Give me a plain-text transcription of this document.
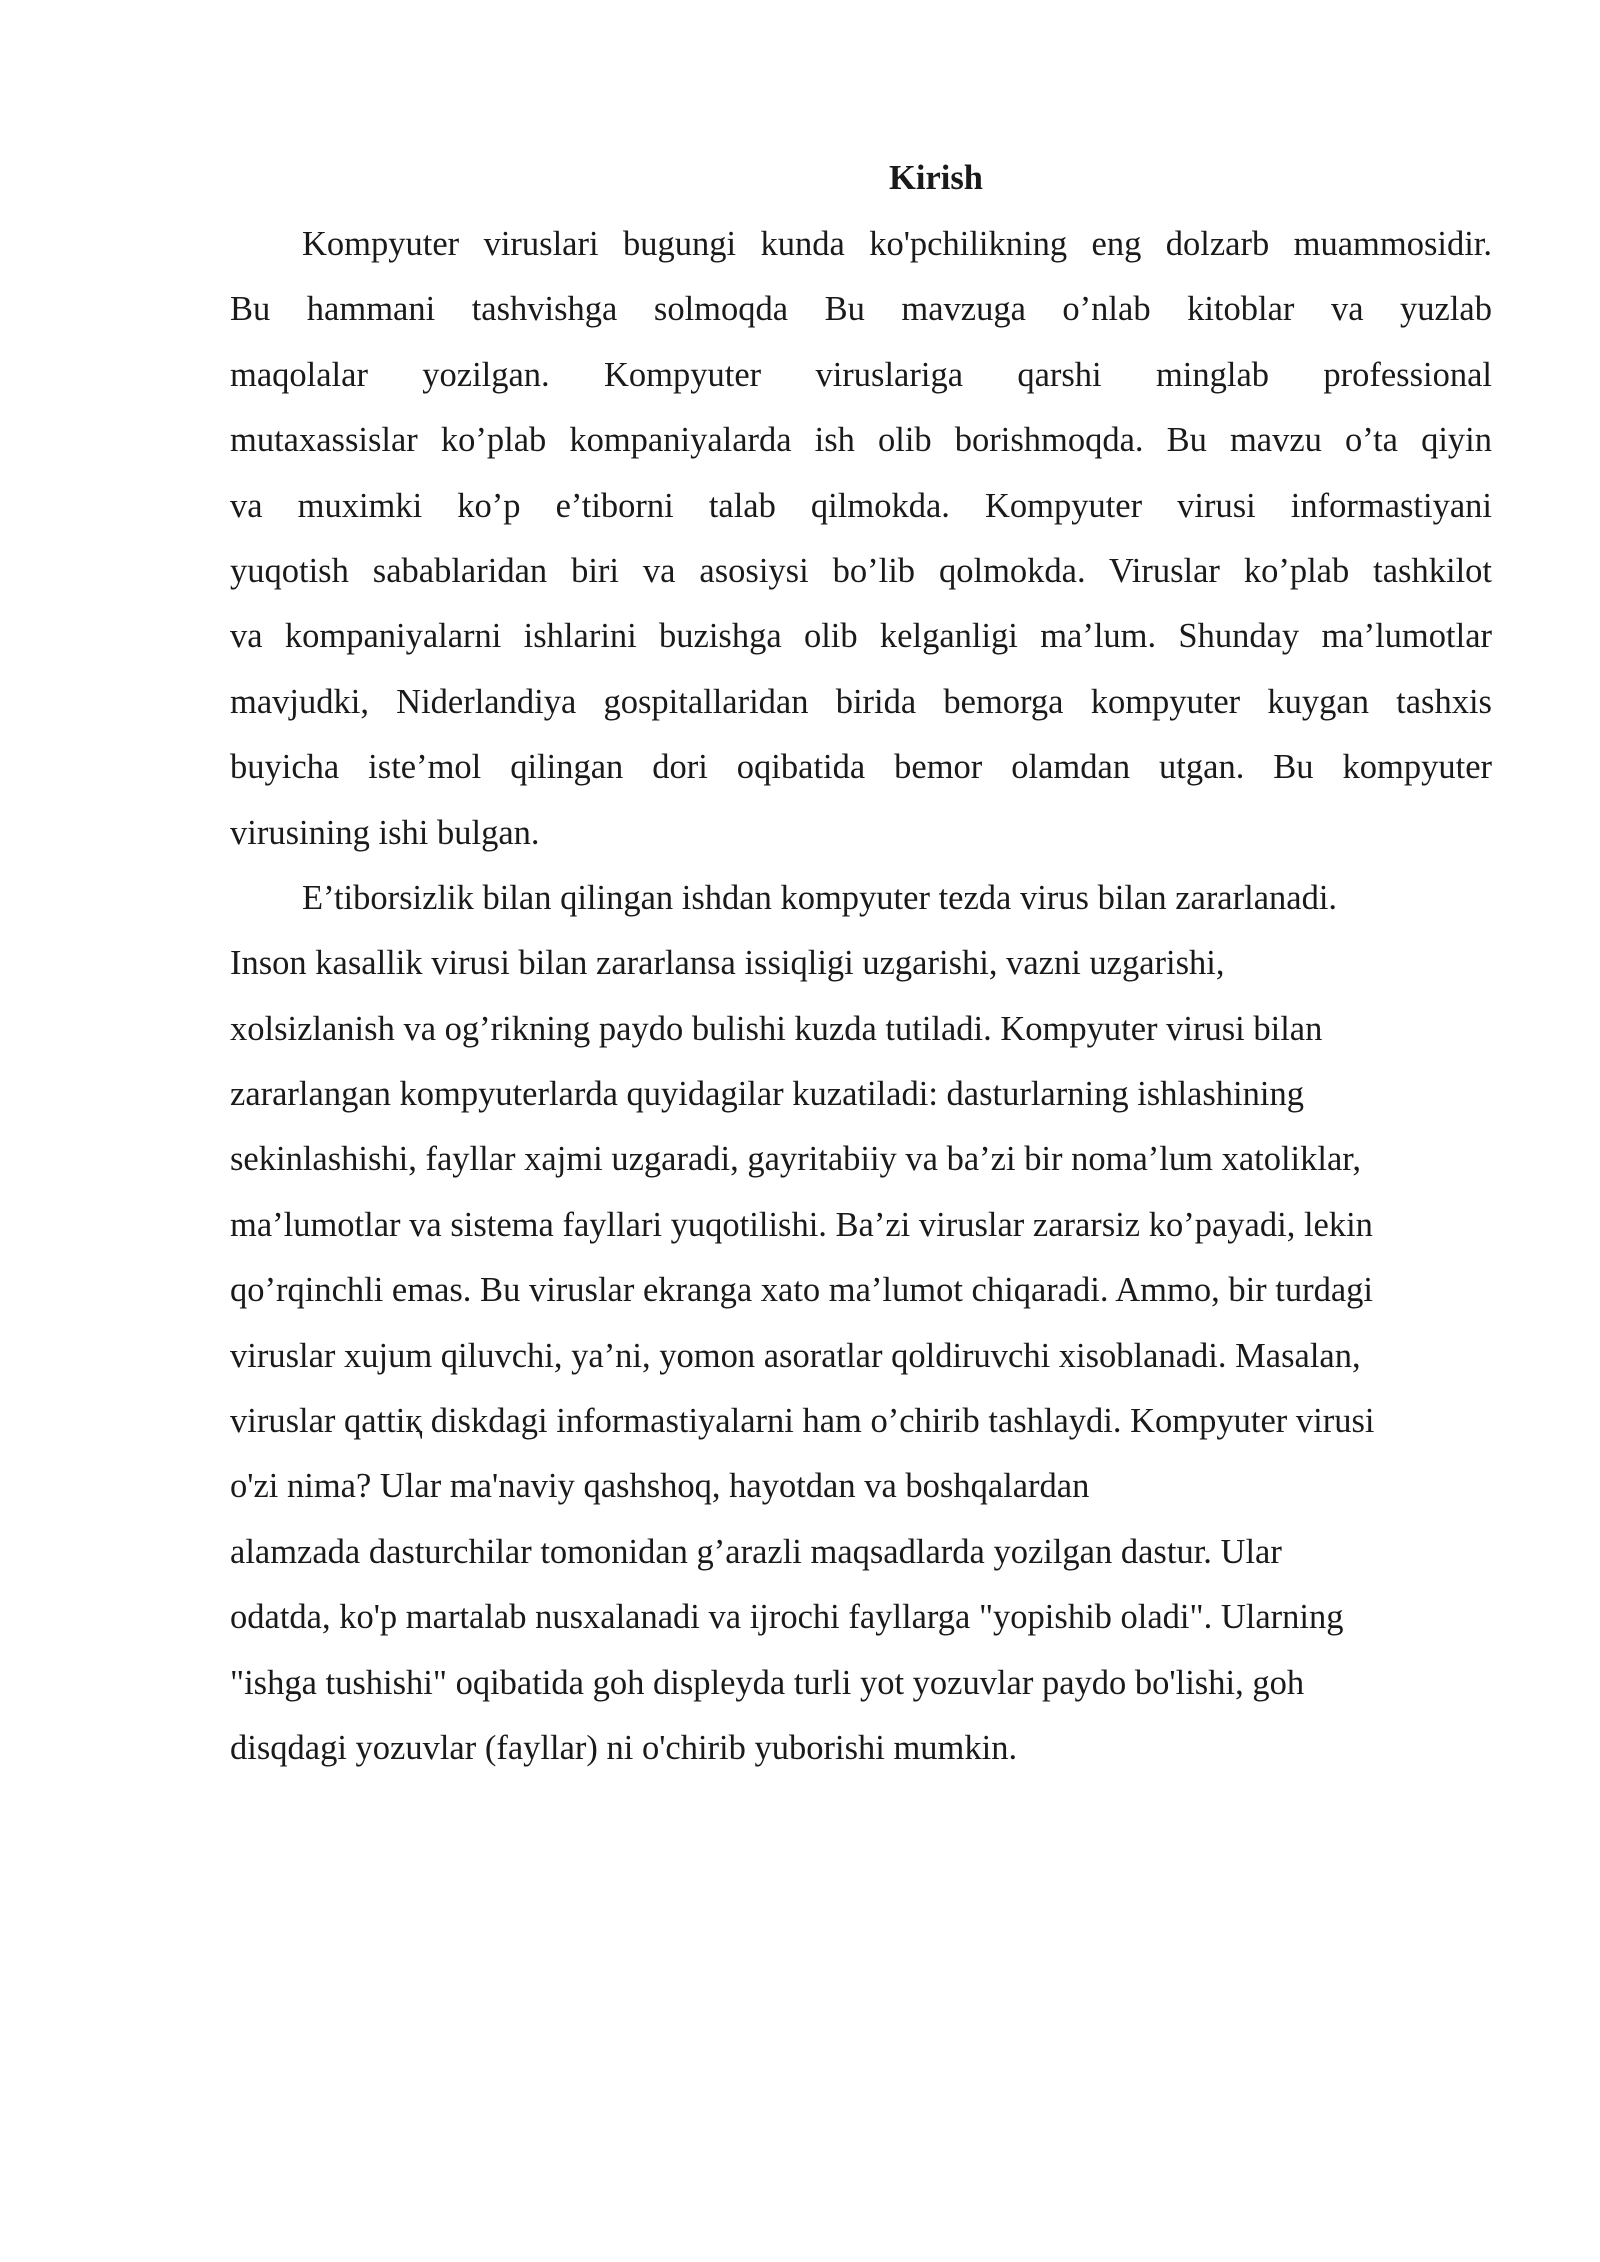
Kirish
Kompyuter viruslari bugungi kunda ko'pchilikning eng dolzarb muammosidir.
Bu hammani tashvishga solmoqda Bu mavzuga o’nlab kitoblar va yuzlab
maqolalar yozilgan. Kompyuter viruslariga qarshi minglab professional
mutaxassislar ko’plab kompaniyalarda ish olib borishmoqda. Bu mavzu o’ta qiyin
va muximki ko’p e’tiborni talab qilmokda. Kompyuter virusi informastiyani
yuqotish sabablaridan biri va asosiysi bo’lib qolmokda. Viruslar ko’plab tashkilot
va kompaniyalarni ishlarini buzishga olib kelganligi ma’lum. Shunday ma’lumotlar
mavjudki, Niderlandiya gospitallaridan birida bemorga kompyuter kuygan tashxis
buyicha iste’mol qilingan dori oqibatida bemor olamdan utgan. Bu kompyuter
virusining ishi bulgan.
E’tiborsizlik bilan qilingan ishdan kompyuter tezda virus bilan zararlanadi.
Inson kasallik virusi bilan zararlansa issiqligi uzgarishi, vazni uzgarishi,
xolsizlanish va og’rikning paydo bulishi kuzda tutiladi. Kompyuter virusi bilan
zararlangan kompyuterlarda quyidagilar kuzatiladi: dasturlarning ishlashining
sekinlashishi, fayllar xajmi uzgaradi, gayritabiiy va ba’zi bir noma’lum xatoliklar,
ma’lumotlar va sistema fayllari yuqotilishi. Ba’zi viruslar zararsiz ko’payadi, lekin
qo’rqinchli emas. Bu viruslar ekranga xato ma’lumot chiqaradi. Ammo, bir turdagi
viruslar xujum qiluvchi, ya’ni, yomon asoratlar qoldiruvchi xisoblanadi. Masalan,
viruslar qattiқ diskdagi informastiyalarni ham o’chirib tashlaydi. Kompyuter virusi
o'zi nima? Ular ma'naviy qashshoq, hayotdan va boshqalardan
alamzada dasturchilar tomonidan g’arazli maqsadlarda yozilgan dastur. Ular
odatda, ko'p martalab nusxalanadi va ijrochi fayllarga "yopishib oladi". Ularning
"ishga tushishi" oqibatida goh displeyda turli yot yozuvlar paydo bo'lishi, goh
disqdagi yozuvlar (fayllar) ni o'chirib yuborishi mumkin.
